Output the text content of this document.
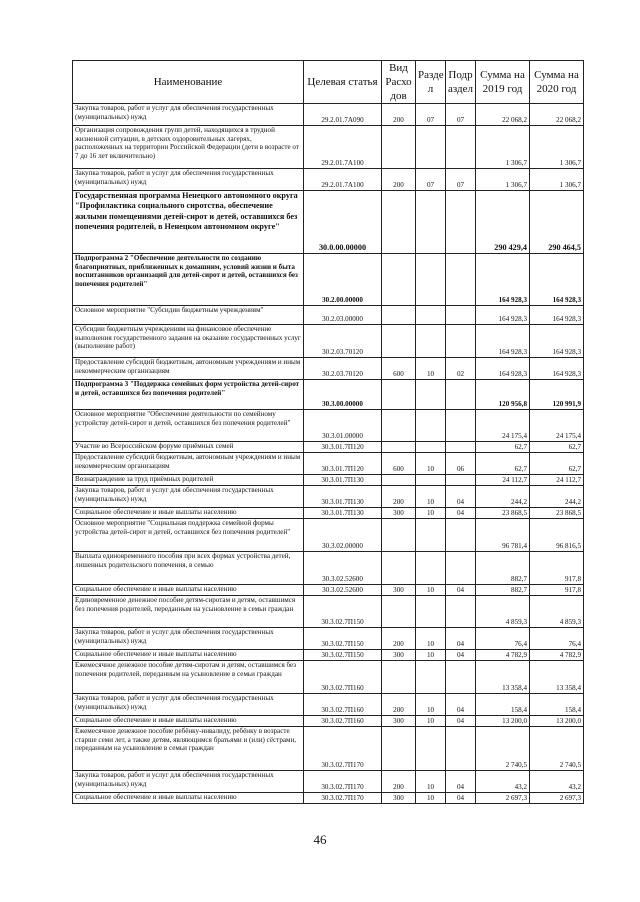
Наименование	Целевая статья	Вид Расхо дов	Разде л	Подр аздел	Сумма на 2019 год	Сумма на 2020 год
Закупка товаров, работ и услуг для обеспечения государственных (муниципальных) нужд	29.2.01.7А090	200	07	07	22 068,2	22 068,2
Организация сопровождения групп детей, находящихся в трудной жизненной ситуации, в детских оздоровительных лагерях, расположенных на территории Российской Федерации (дети в возрасте от 7 до 16 лет включительно)	29.2.01.7А100				1 306,7	1 306,7
Закупка товаров, работ и услуг для обеспечения государственных (муниципальных) нужд	29.2.01.7А100	200	07	07	1 306,7	1 306,7
Государственная программа Ненецкого автономного округа "Профилактика социального сиротства, обеспечение жилыми помещениями детей-сирот и детей, оставшихся без попечения родителей, в Ненецком автономном округе"	30.0.00.00000				290 429,4	290 464,5
Подпрограмма 2 "Обеспечение деятельности по созданию благоприятных, приближенных к домашним, условий жизни и быта воспитанников организаций для детей-сирот и детей, оставшихся без попечения родителей"	30.2.00.00000				164 928,3	164 928,3
Основное мероприятие "Субсидии бюджетным учреждениям"	30.2.03.00000				164 928,3	164 928,3
Субсидии бюджетным учреждениям на финансовое обеспечение выполнения государственного задания на оказание государственных услуг (выполнение работ)	30.2.03.70120				164 928,3	164 928,3
Предоставление субсидий бюджетным, автономным учреждениям и иным некоммерческим организациям	30.2.03.70120	600	10	02	164 928,3	164 928,3
Подпрограмма 3 "Поддержка семейных форм устройства детей-сирот и детей, оставшихся без попечения родителей"	30.3.00.00000				120 956,8	120 991,9
Основное мероприятие "Обеспечение деятельности по семейному устройству детей-сирот и детей, оставшихся без попечения родителей"	30.3.01.00000				24 175,4	24 175,4
Участие во Всероссийском форуме приёмных семей	30.3.01.7П120				62,7	62,7
Предоставление субсидий бюджетным, автономным учреждениям и иным некоммерческим организациям	30.3.01.7П120	600	10	06	62,7	62,7
Вознаграждение за труд приёмных родителей	30.3.01.7П130				24 112,7	24 112,7
Закупка товаров, работ и услуг для обеспечения государственных (муниципальных) нужд	30.3.01.7П130	200	10	04	244,2	244,2
Социальное обеспечение и иные выплаты населению	30.3.01.7П130	300	10	04	23 868,5	23 868,5
Основное мероприятие "Социальная поддержка семейной формы устройства детей-сирот и детей, оставшихся без попечения родителей"	30.3.02.00000				96 781,4	96 816,5
Выплата единовременного пособия при всех формах устройства детей, лишенных родительского попечения, в семью	30.3.02.52600				882,7	917,8
Социальное обеспечение и иные выплаты населению	30.3.02.52600	300	10	04	882,7	917,8
Единовременное денежное пособие детям-сиротам и детям, оставшимся без попечения родителей, переданным на усыновление в семьи граждан	30.3.02.7П150				4 859,3	4 859,3
Закупка товаров, работ и услуг для обеспечения государственных (муниципальных) нужд	30.3.02.7П150	200	10	04	76,4	76,4
Социальное обеспечение и иные выплаты населению	30.3.02.7П150	300	10	04	4 782,9	4 782,9
Ежемесячное денежное пособие детям-сиротам и детям, оставшимся без попечения родителей, переданным на усыновление в семьи граждан	30.3.02.7П160				13 358,4	13 358,4
Закупка товаров, работ и услуг для обеспечения государственных (муниципальных) нужд	30.3.02.7П160	200	10	04	158,4	158,4
Социальное обеспечение и иные выплаты населению	30.3.02.7П160	300	10	04	13 200,0	13 200,0
Ежемесячное денежное пособие ребёнку-инвалиду, ребёнку в возрасте старше семи лет, а также детям, являющимся братьями и (или) сёстрами, переданным на усыновление в семьи граждан	30.3.02.7П170				2 740,5	2 740,5
Закупка товаров, работ и услуг для обеспечения государственных (муниципальных) нужд	30.3.02.7П170	200	10	04	43,2	43,2
Социальное обеспечение и иные выплаты населению	30.3.02.7П170	300	10	04	2 697,3	2 697,3
46
